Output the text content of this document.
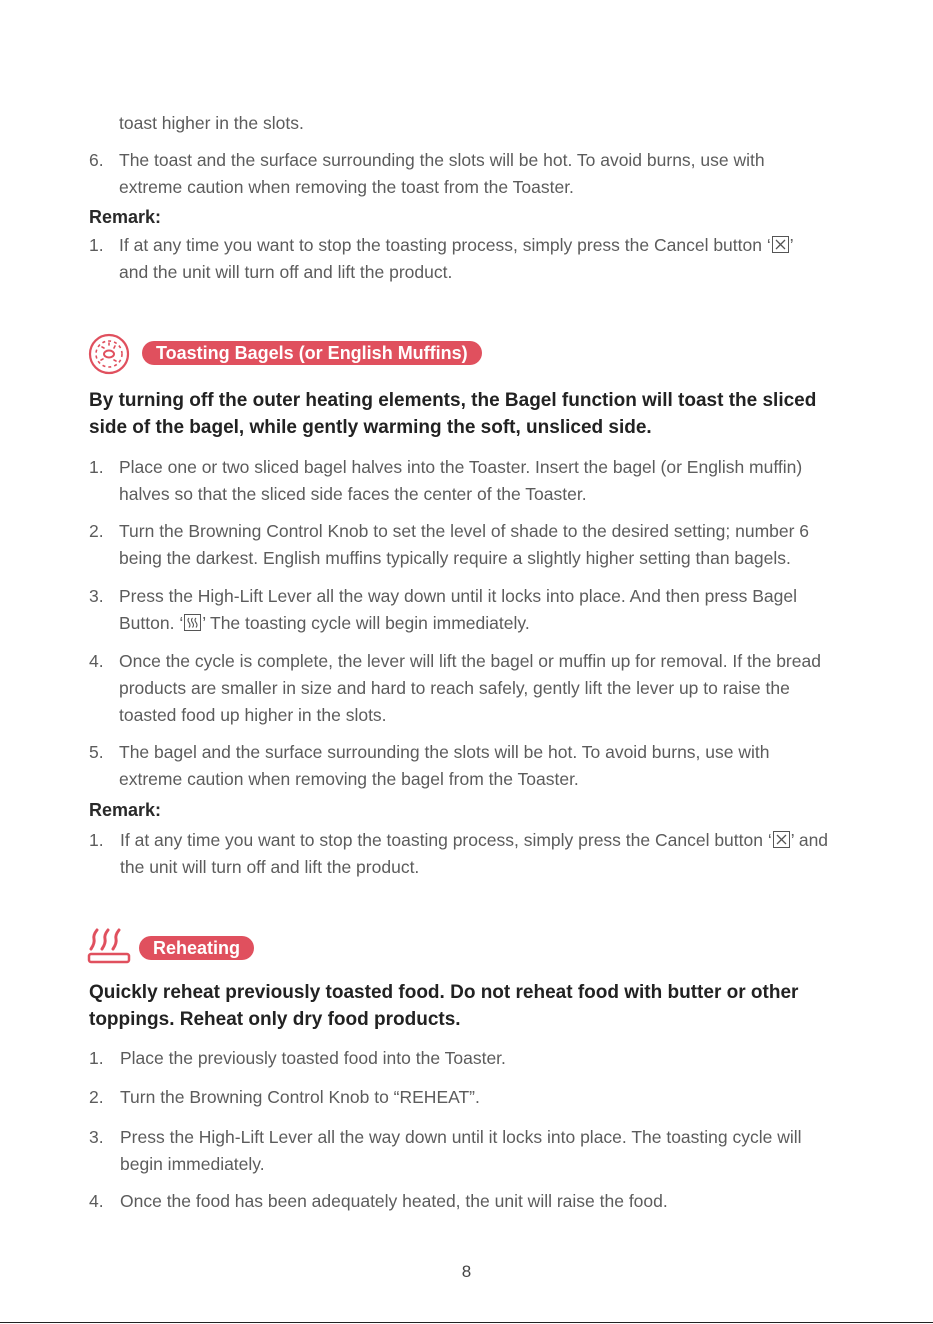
toast higher in the slots.
6. The toast and the surface surrounding the slots will be hot. To avoid burns, use with
extreme caution when removing the toast from the Toaster.
Remark:
1. If at any time you want to stop the toasting process, simply press the Cancel button ‘ ’
and the unit will turn off and lift the product.
Toasting Bagels (or English Muffins)
By turning off the outer heating elements, the Bagel function will toast the sliced
side of the bagel, while gently warming the soft, unsliced side.
1. Place one or two sliced bagel halves into the Toaster. Insert the bagel (or English muffin)
halves so that the sliced side faces the center of the Toaster.
2. Turn the Browning Control Knob to set the level of shade to the desired setting; number 6
being the darkest. English muffins typically require a slightly higher setting than bagels.
3. Press the High-Lift Lever all the way down until it locks into place. And then press Bagel
Button. ‘ ’ The toasting cycle will begin immediately.
4. Once the cycle is complete, the lever will lift the bagel or muffin up for removal. If the bread
products are smaller in size and hard to reach safely, gently lift the lever up to raise the
toasted food up higher in the slots.
5. The bagel and the surface surrounding the slots will be hot. To avoid burns, use with
extreme caution when removing the bagel from the Toaster.
Remark:
1. If at any time you want to stop the toasting process, simply press the Cancel button ‘ ’ and
the unit will turn off and lift the product.
Reheating
Quickly reheat previously toasted food. Do not reheat food with butter or other
toppings. Reheat only dry food products.
1. Place the previously toasted food into the Toaster.
2. Turn the Browning Control Knob to “REHEAT”.
3. Press the High-Lift Lever all the way down until it locks into place. The toasting cycle will
begin immediately.
4. Once the food has been adequately heated, the unit will raise the food.
8
